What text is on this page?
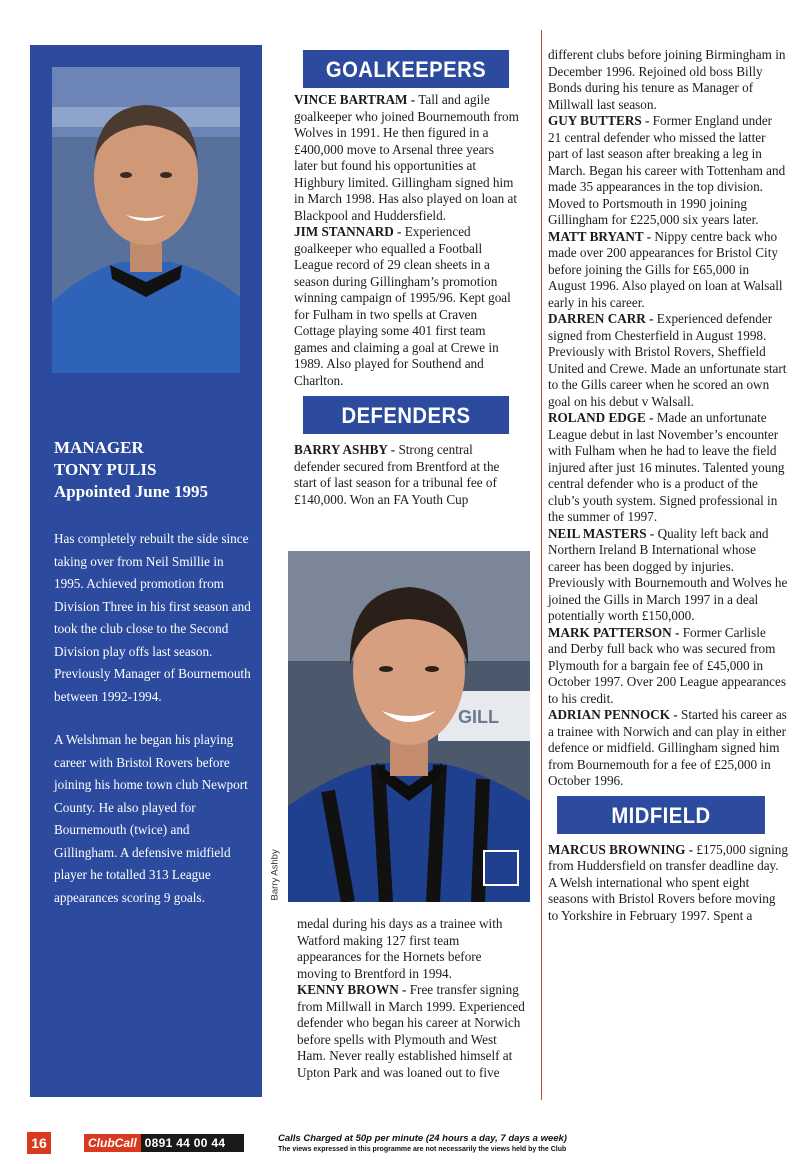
MANAGER
TONY PULIS
Appointed June 1995

Has completely rebuilt the side since taking over from Neil Smillie in 1995. Achieved promotion from Division Three in his first season and took the club close to the Second Division play offs last season. Previously Manager of Bournemouth between 1992-1994.

A Welshman he began his playing career with Bristol Rovers before joining his home town club Newport County. He also played for Bournemouth (twice) and Gillingham. A defensive midfield player he totalled 313 League appearances scoring 9 goals.

GOALKEEPERS

VINCE BARTRAM - Tall and agile goalkeeper who joined Bournemouth from Wolves in 1991. He then figured in a £400,000 move to Arsenal three years later but found his opportunities at Highbury limited. Gillingham signed him in March 1998. Has also played on loan at Blackpool and Huddersfield.

JIM STANNARD - Experienced goalkeeper who equalled a Football League record of 29 clean sheets in a season during Gillingham’s promotion winning campaign of 1995/96. Kept goal for Fulham in two spells at Craven Cottage playing some 401 first team games and claiming a goal at Crewe in 1989. Also played for Southend and Charlton.

DEFENDERS

BARRY ASHBY - Strong central defender secured from Brentford at the start of last season for a tribunal fee of £140,000. Won an FA Youth Cup

GILL
Barry Ashby

medal during his days as a trainee with Watford making 127 first team appearances for the Hornets before moving to Brentford in 1994.

KENNY BROWN - Free transfer signing from Millwall in March 1999. Experienced defender who began his career at Norwich before spells with Plymouth and West Ham. Never really established himself at Upton Park and was loaned out to five

different clubs before joining Birmingham in December 1996. Rejoined old boss Billy Bonds during his tenure as Manager of Millwall last season.

GUY BUTTERS - Former England under 21 central defender who missed the latter part of last season after breaking a leg in March. Began his career with Tottenham and made 35 appearances in the top division. Moved to Portsmouth in 1990 joining Gillingham for £225,000 six years later.

MATT BRYANT - Nippy centre back who made over 200 appearances for Bristol City before joining the Gills for £65,000 in August 1996. Also played on loan at Walsall early in his career.

DARREN CARR - Experienced defender signed from Chesterfield in August 1998. Previously with Bristol Rovers, Sheffield United and Crewe. Made an unfortunate start to the Gills career when he scored an own goal on his debut v Walsall.

ROLAND EDGE - Made an unfortunate League debut in last November’s encounter with Fulham when he had to leave the field injured after just 16 minutes. Talented young central defender who is a product of the club’s youth system. Signed professional in the summer of 1997.

NEIL MASTERS - Quality left back and Northern Ireland B International whose career has been dogged by injuries. Previously with Bournemouth and Wolves he joined the Gills in March 1997 in a deal potentially worth £150,000.

MARK PATTERSON - Former Carlisle and Derby full back who was secured from Plymouth for a bargain fee of £45,000 in October 1997. Over 200 League appearances to his credit.

ADRIAN PENNOCK - Started his career as a trainee with Norwich and can play in either defence or midfield. Gillingham signed him from Bournemouth for a fee of £25,000 in October 1996.

MIDFIELD

MARCUS BROWNING - £175,000 signing from Huddersfield on transfer deadline day. A Welsh international who spent eight seasons with Bristol Rovers before moving to Yorkshire in February 1997. Spent a

16	ClubCall 0891 44 00 44	Calls Charged at 50p per minute (24 hours a day, 7 days a week)
The views expressed in this programme are not necessarily the views held by the Club
